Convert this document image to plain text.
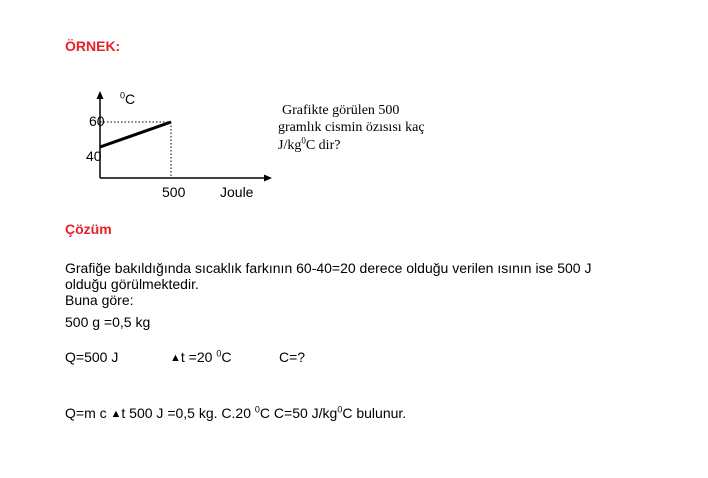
ÖRNEK:
$^0$C
60
40
500 Joule
Grafikte görülen 500
gramlık cismin özısısı kaç
$J/kg^0C$ dir?
Çözüm
Grafiğe bakıldığında sıcaklık farkının 60-40=20 derece olduğu verilen ısının ise 500 J
olduğu görülmektedir.
Buna göre:
500 g =0,5 kg
Q=500 J	▲t =20 $^0$C	C=?
Q=m c ▲t 500 J =0,5 kg. C.20 $^0$C C=50 $J/kg^0C$ bulunur.
